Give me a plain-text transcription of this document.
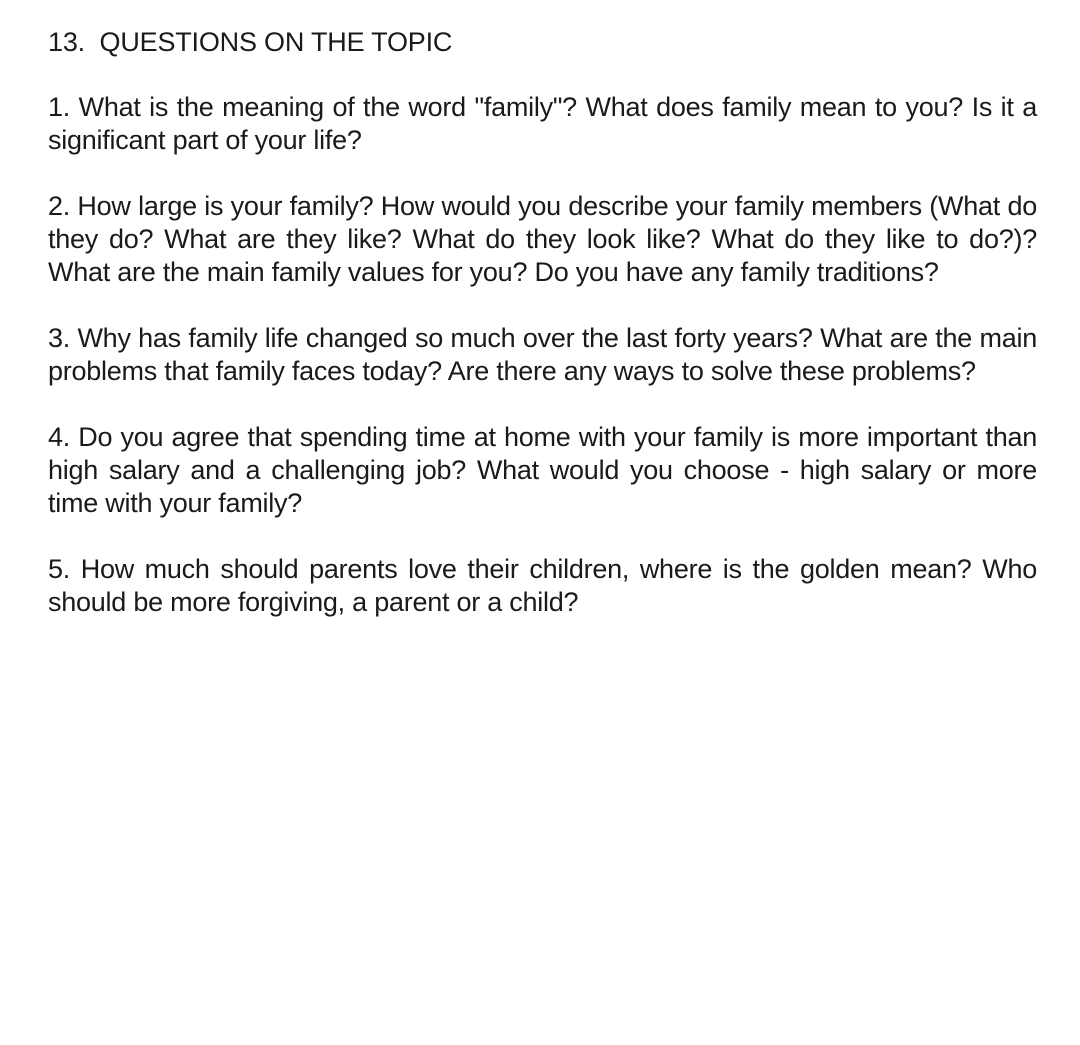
13.  QUESTIONS ON THE TOPIC

1. What is the meaning of the word "family"? What does family mean to you? Is it a significant part of your life?

2. How large is your family? How would you describe your family members (What do they do? What are they like? What do they look like? What do they like to do?)? What are the main family values for you? Do you have any family traditions?

3. Why has family life changed so much over the last forty years? What are the main problems that family faces today? Are there any ways to solve these problems?

4. Do you agree that spending time at home with your family is more important than high salary and a challenging job? What would you choose - high salary or more time with your family?

5. How much should parents love their children, where is the golden mean? Who should be more forgiving, a parent or a child?
